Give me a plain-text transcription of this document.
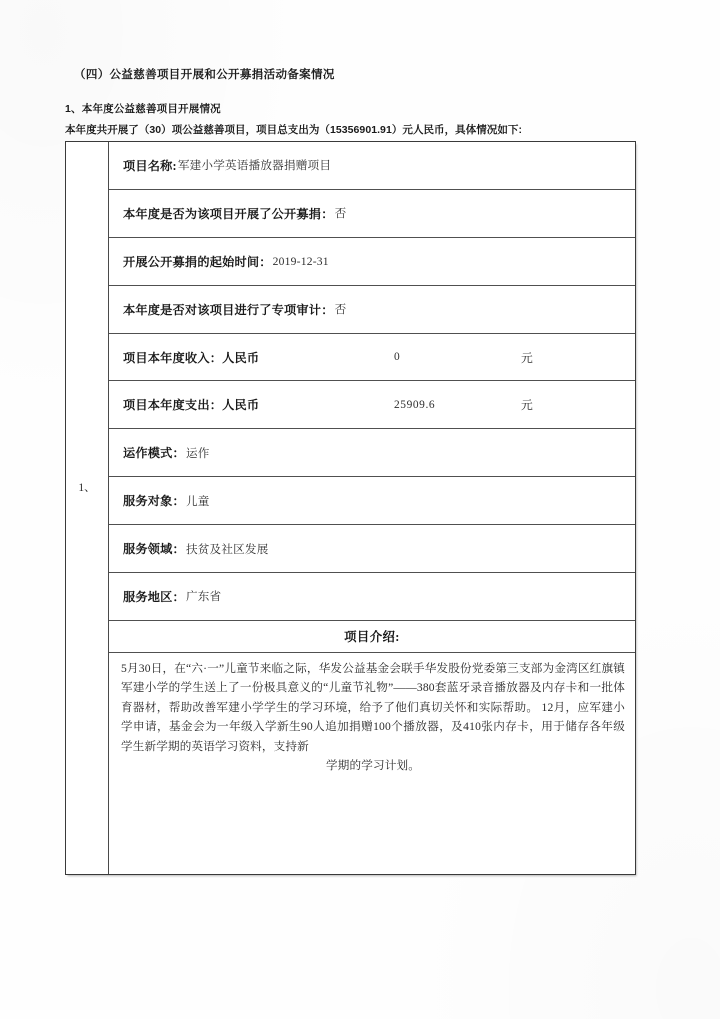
（四）公益慈善项目开展和公开募捐活动备案情况
1、本年度公益慈善项目开展情况
本年度共开展了（30）项公益慈善项目，项目总支出为（15356901.91）元人民币，具体情况如下:
1、
项目名称: 军建小学英语播放器捐赠项目
本年度是否为该项目开展了公开募捐： 否
开展公开募捐的起始时间： 2019-12-31
本年度是否对该项目进行了专项审计： 否
项目本年度收入：人民币	0	元
项目本年度支出：人民币	25909.6	元
运作模式： 运作
服务对象： 儿童
服务领域： 扶贫及社区发展
服务地区： 广东省
项目介绍:

5月30日，在“六·一”儿童节来临之际，华发公益基金会联手华发股份党委第三支部为金湾区红旗镇军建小学的学生送上了一份极具意义的“儿童节礼物”——380套蓝牙录音播放器及内存卡和一批体育器材，帮助改善军建小学学生的学习环境，给予了他们真切关怀和实际帮助。 12月，应军建小学申请，基金会为一年级入学新生90人追加捐赠100个播放器，及410张内存卡，用于储存各年级学生新学期的英语学习资料，支持新

学期的学习计划。
